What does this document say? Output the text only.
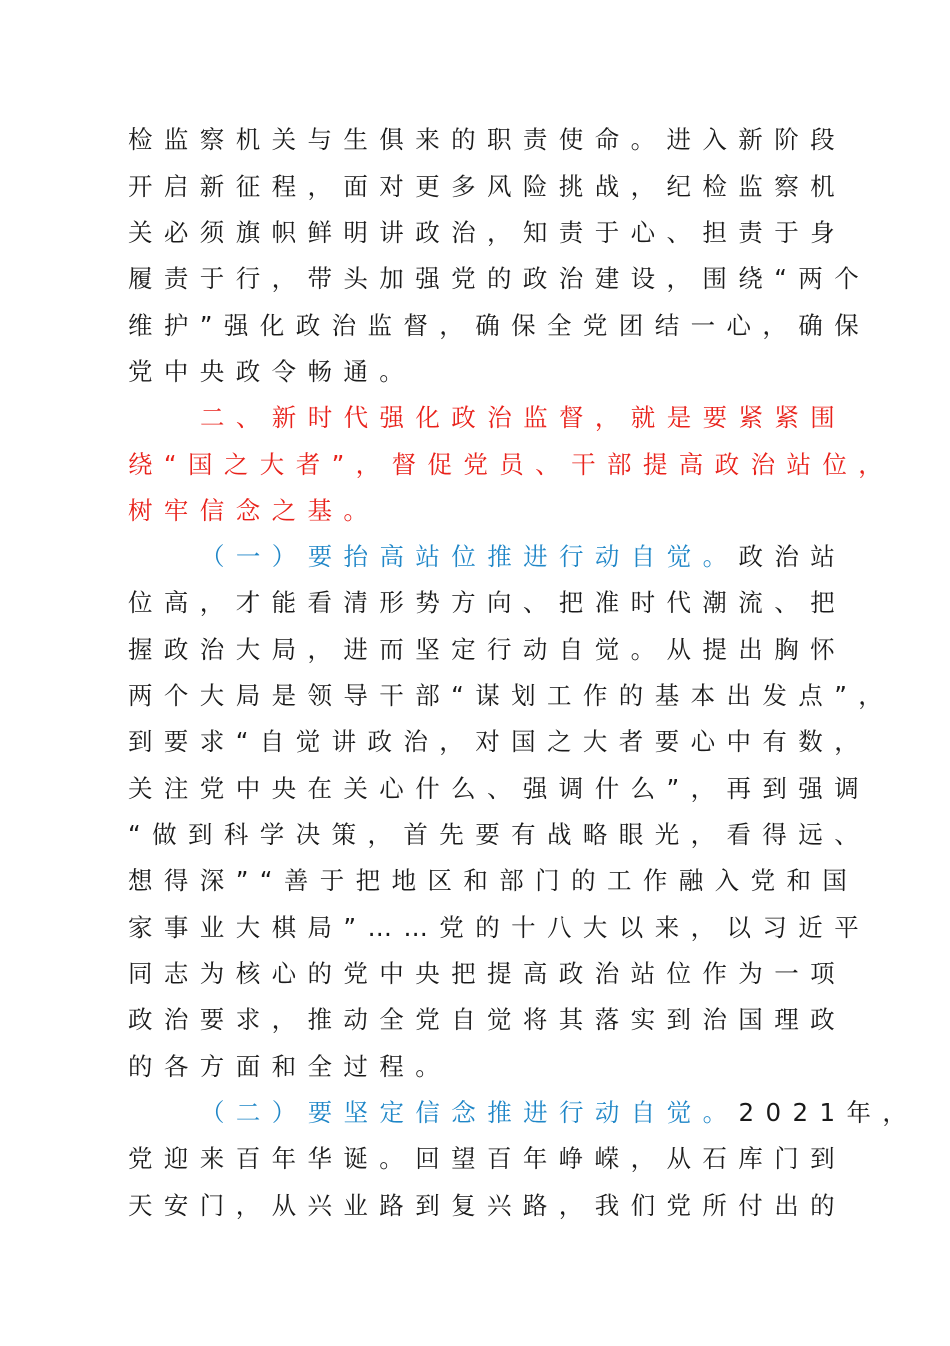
检监察机关与生俱来的职责使命。进入新阶段
开启新征程，面对更多风险挑战，纪检监察机
关必须旗帜鲜明讲政治，知责于心、担责于身
履责于行，带头加强党的政治建设，围绕“两个
维护”强化政治监督，确保全党团结一心，确保
党中央政令畅通。
二、新时代强化政治监督，就是要紧紧围
绕“国之大者”，督促党员、干部提高政治站位，
树牢信念之基。
（一）要抬高站位推进行动自觉。政治站
位高，才能看清形势方向、把准时代潮流、把
握政治大局，进而坚定行动自觉。从提出胸怀
两个大局是领导干部“谋划工作的基本出发点”，
到要求“自觉讲政治，对国之大者要心中有数，
关注党中央在关心什么、强调什么”，再到强调
“做到科学决策，首先要有战略眼光，看得远、
想得深”“善于把地区和部门的工作融入党和国
家事业大棋局”……党的十八大以来，以习近平
同志为核心的党中央把提高政治站位作为一项
政治要求，推动全党自觉将其落实到治国理政
的各方面和全过程。
（二）要坚定信念推进行动自觉。2021年，
党迎来百年华诞。回望百年峥嵘，从石库门到
天安门，从兴业路到复兴路，我们党所付出的
